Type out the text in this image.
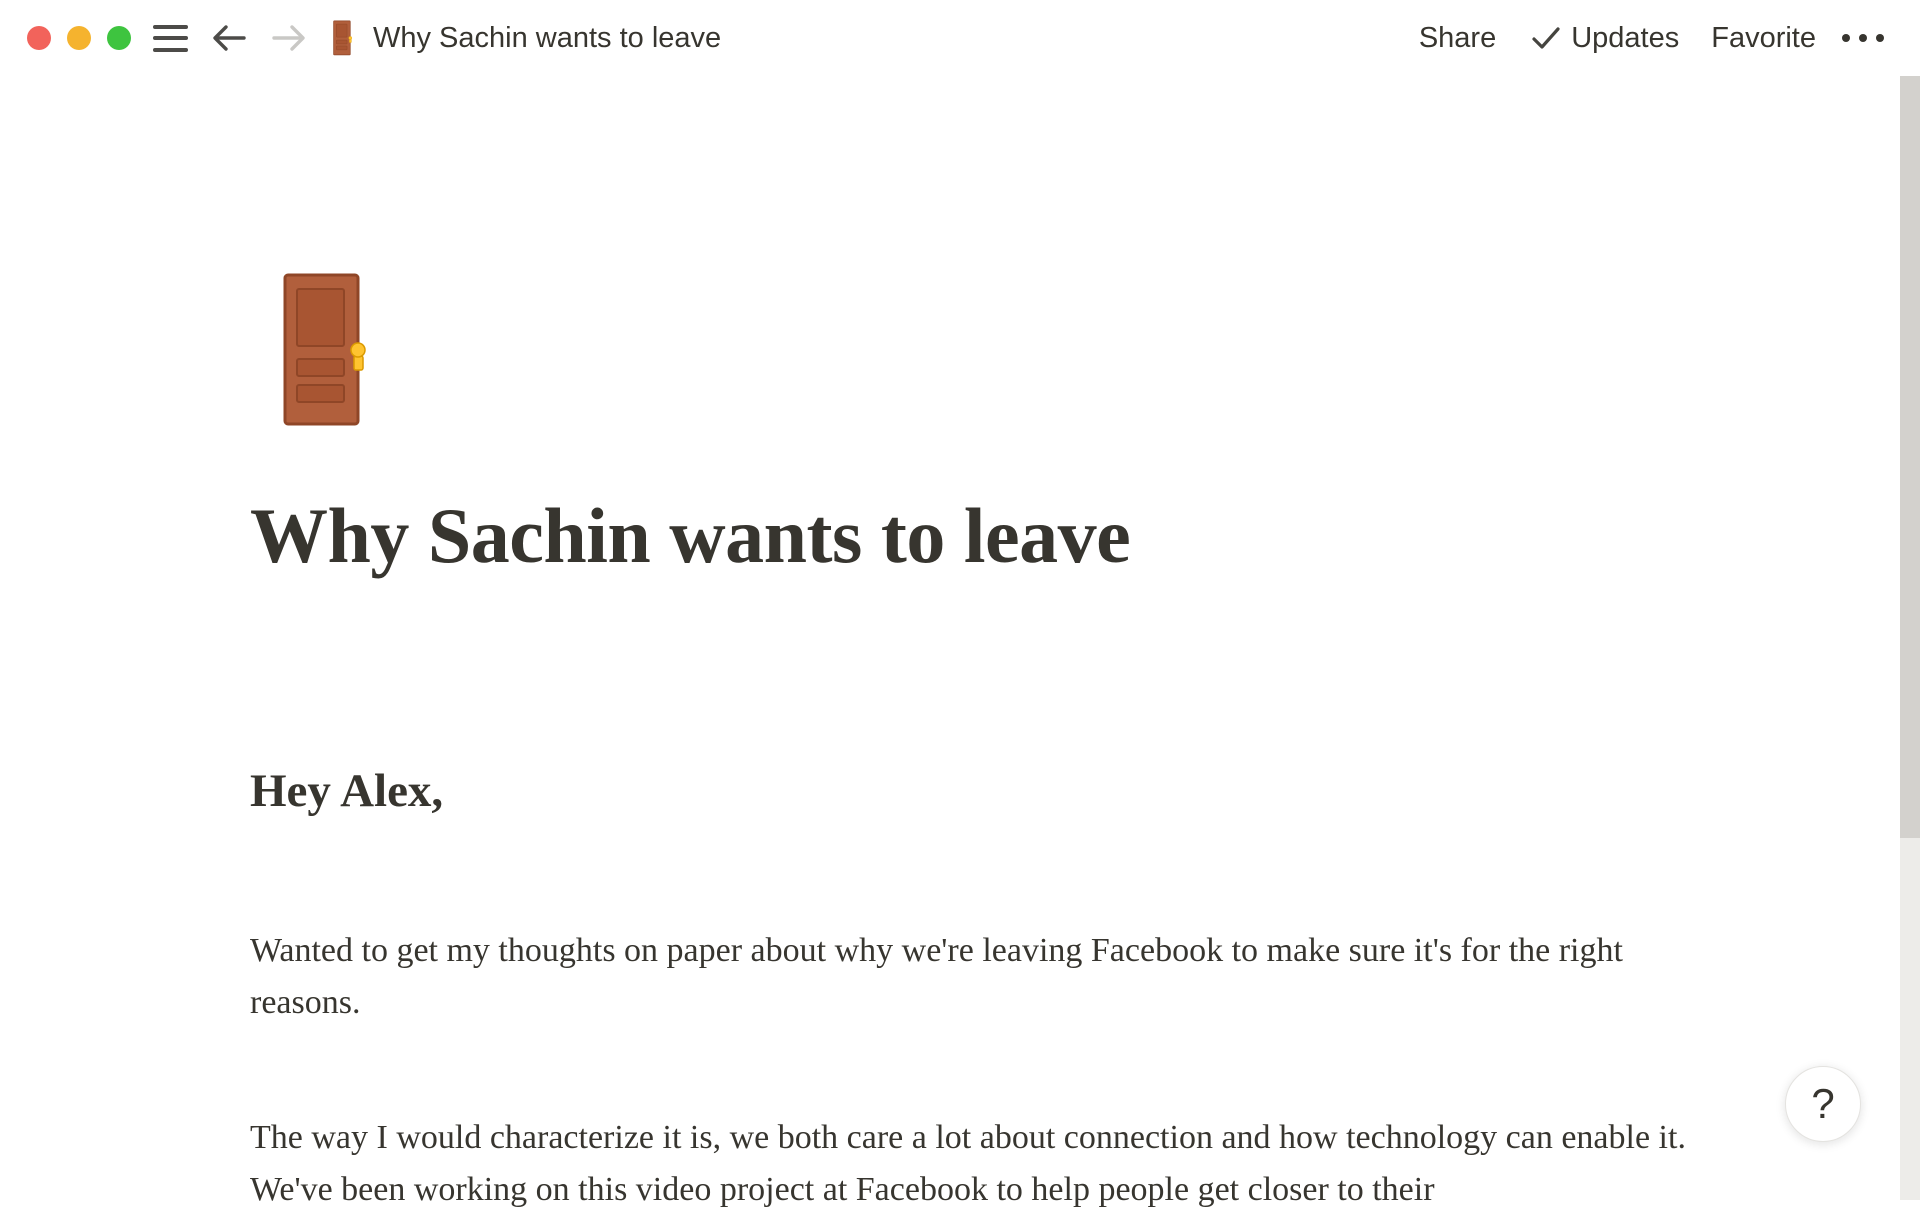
Why Sachin wants to leave	Share	Updates Favorite
Why Sachin wants to leave
Hey Alex,

Wanted to get my thoughts on paper about why we're leaving Facebook to make sure it's for the right reasons.

The way I would characterize it is, we both care a lot about connection and how technology can enable it. We've been working on this video project at Facebook to help people get closer to their

?
